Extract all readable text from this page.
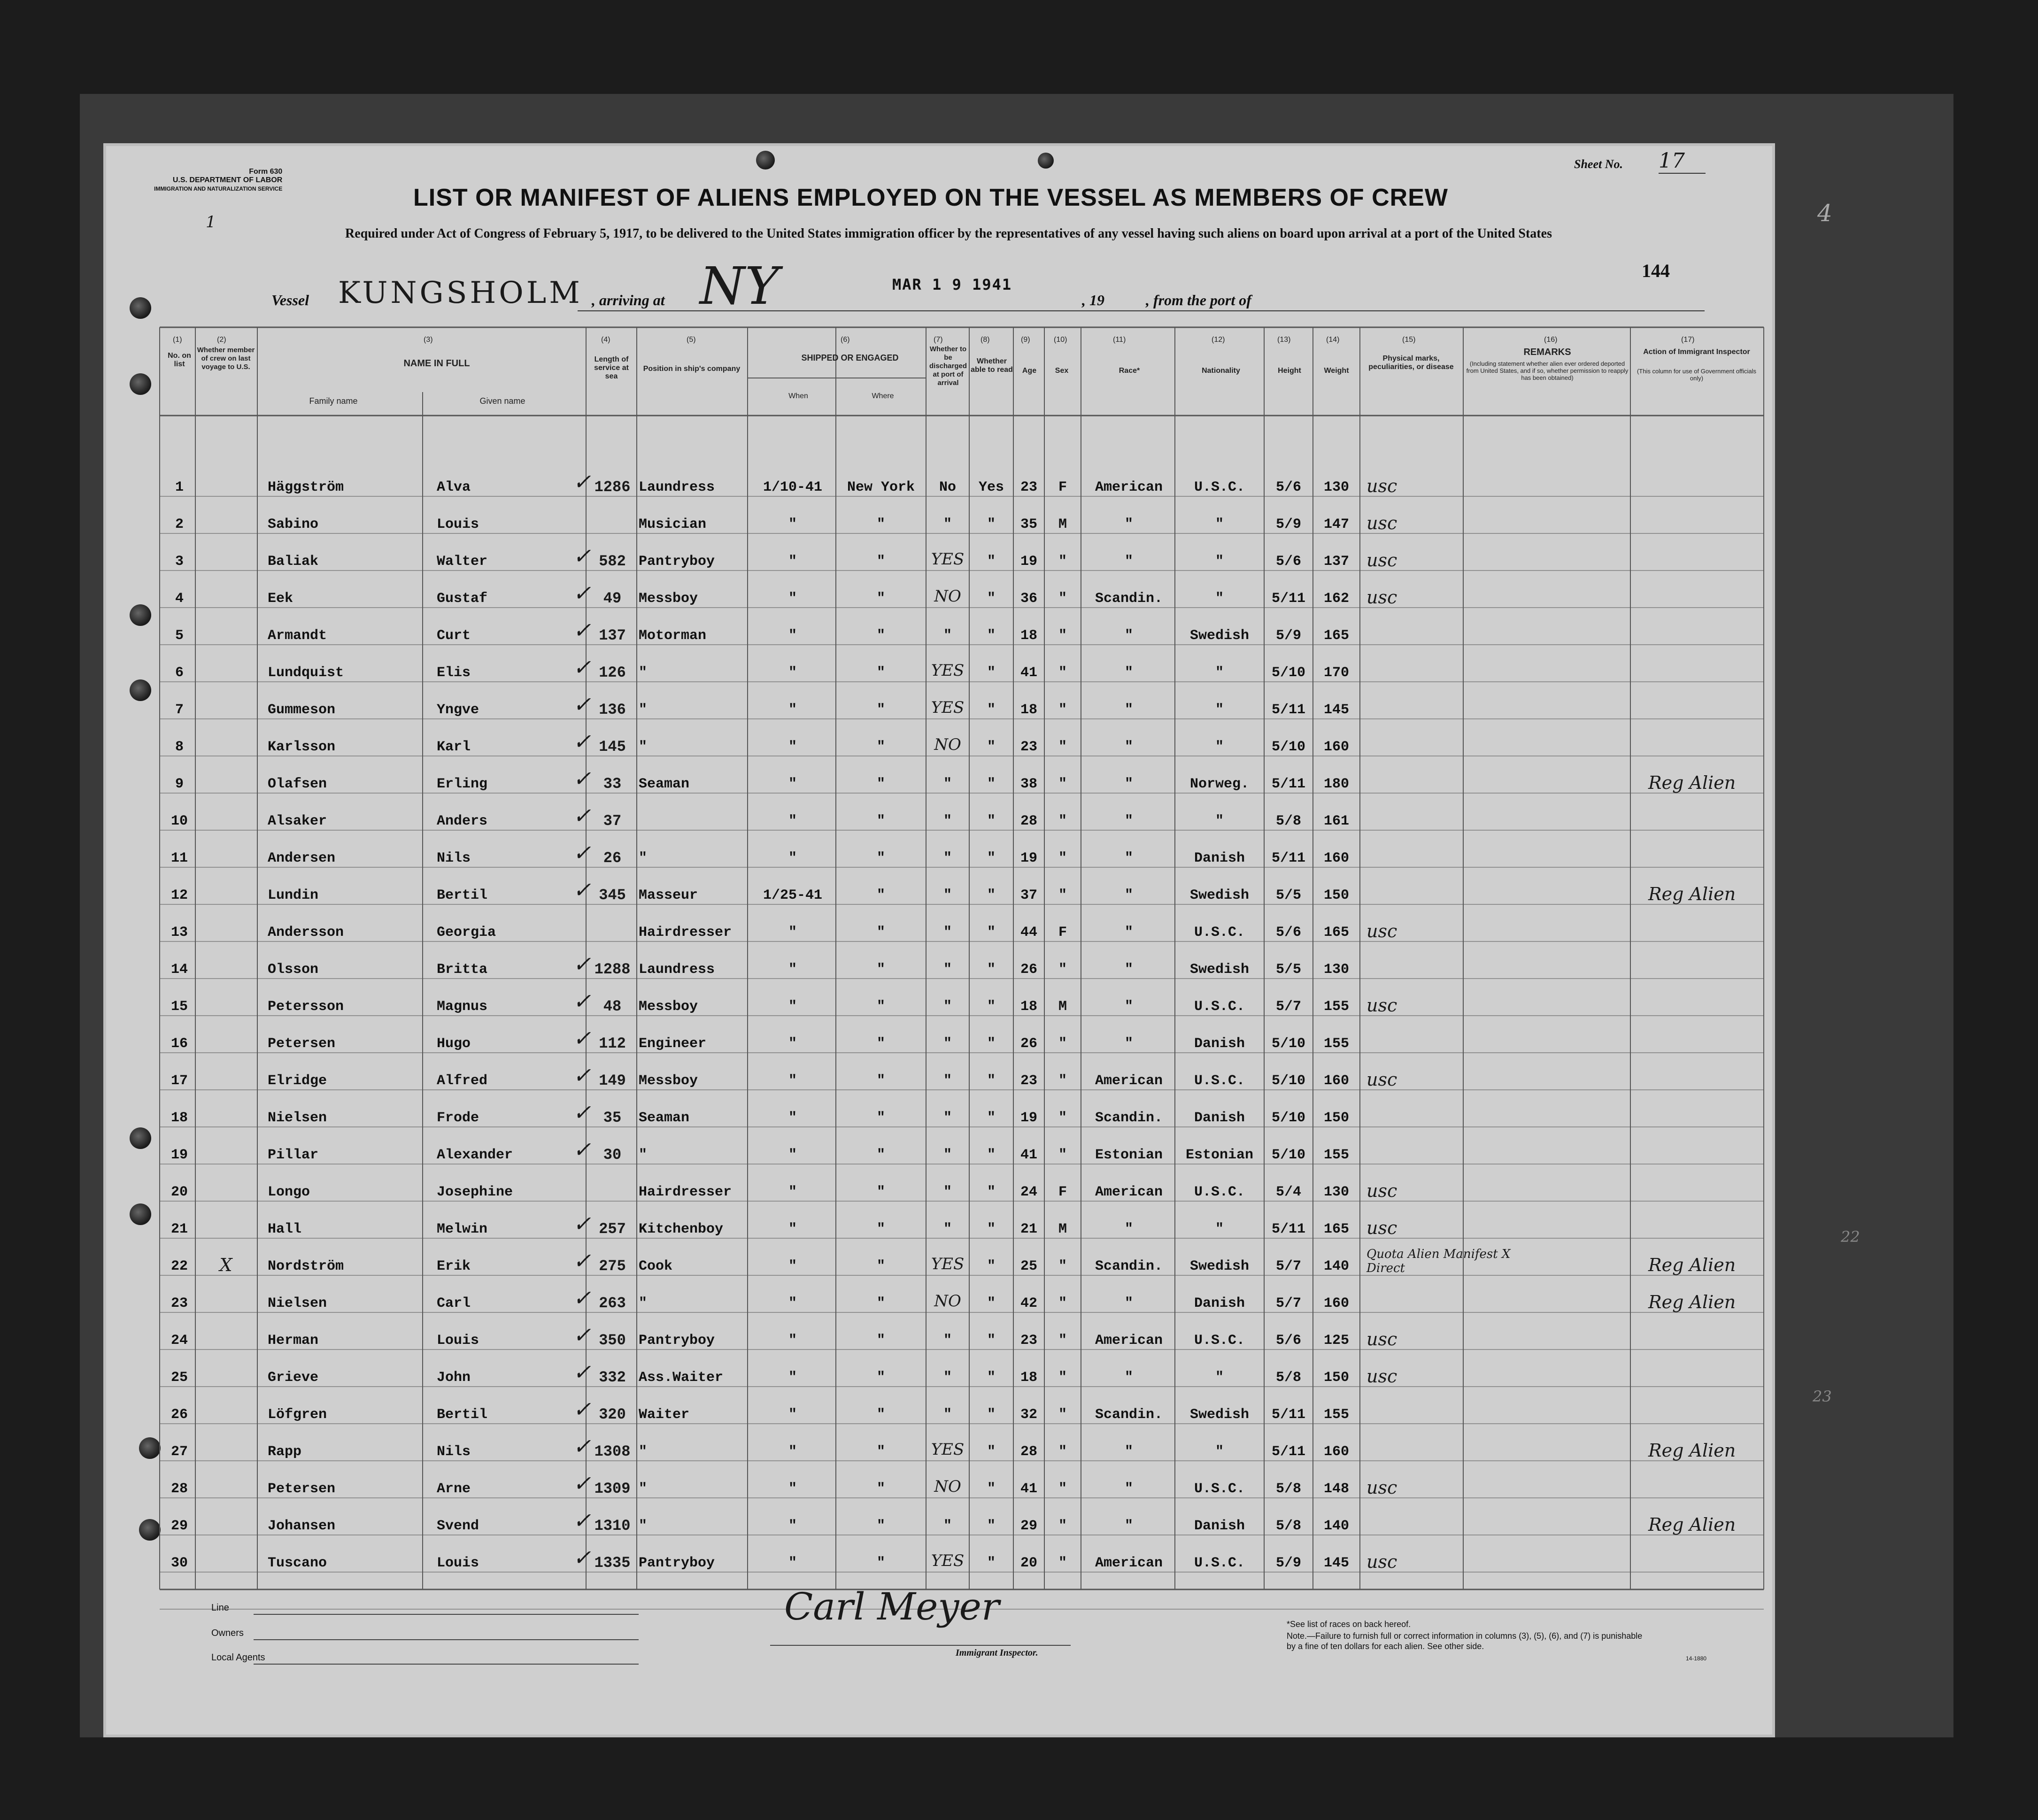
Form 630
U.S. DEPARTMENT OF LABOR
IMMIGRATION AND NATURALIZATION SERVICE
1
Sheet No. 17
LIST OR MANIFEST OF ALIENS EMPLOYED ON THE VESSEL AS MEMBERS OF CREW
Required under Act of Congress of February 5, 1917, to be delivered to the United States immigration officer by the representatives of any vessel having such aliens on board upon arrival at a port of the United States
144
Vessel KUNGSHOLM , arriving at NY	MAR 1 9 1941
, 19	, from the port of
4
(1)
No. on list
(2)
Whether member of crew on last voyage to U.S.
(3)
NAME IN FULL
Family name	Given name
(4)
Length of service at sea
(5)
Position in ship's company
(6)
SHIPPED OR ENGAGED
When	Where
(7)
Whether to be discharged at port of arrival
(8)
Whether able to read
(9)
Age
(10)
Sex
(11)
Race*
(12)
Nationality
(13)
Height
(14)
Weight
(15)
Physical marks, peculiarities, or disease
(16)
REMARKS
(Including statement whether alien ever ordered deported from United States, and if so, whether permission to reapply has been obtained)
(17)
Action of Immigrant Inspector
(This column for use of Government officials only)
1	Häggström	Alva	1286 Laundress	1/10-41	New York	No	Yes	23	F	American	U.S.C.	5/6	130 usc
✓
2	Sabino	Louis	Musician	"	"	"	"	35	M	"	"	5/9	147 usc
3	Baliak	Walter	582 Pantryboy	"	"	YES	"	19	"	"	"	5/6	137 usc
✓
4	Eek	Gustaf	49	Messboy	"	"	NO	"	36	"	Scandin.	"	5/11	162 usc
✓
5	Armandt	Curt	137 Motorman	"	"	"	"	18	"	"	Swedish	5/9	165
✓
6	Lundquist	Elis	126 "	"	"	YES	"	41	"	"	"	5/10	170
✓
7	Gummeson	Yngve	136 "	"	"	YES	"	18	"	"	"	5/11	145
✓
8	Karlsson	Karl	145 "	"	"	NO	"	23	"	"	"	5/10	160
✓
9	Olafsen	Erling	33	Seaman	"	"	"	"	38	"	"	Norweg.	5/11	180	Reg Alien
✓
10	Alsaker	Anders	37	"	"	"	"	28	"	"	"	5/8	161
✓
11	Andersen	Nils	26	"	"	"	"	"	19	"	"	Danish	5/11	160
✓
12	Lundin	Bertil	345 Masseur	1/25-41	"	"	"	37	"	"	Swedish	5/5	150	Reg Alien
✓
13	Andersson	Georgia	Hairdresser	"	"	"	"	44	F	"	U.S.C.	5/6	165 usc
14	Olsson	Britta	1288 Laundress	"	"	"	"	26	"	"	Swedish	5/5	130
✓
15	Petersson	Magnus	48	Messboy	"	"	"	"	18	M	"	U.S.C.	5/7	155 usc
✓
16	Petersen	Hugo	112 Engineer	"	"	"	"	26	"	"	Danish	5/10	155
✓
17	Elridge	Alfred	149 Messboy	"	"	"	"	23	"	American	U.S.C.	5/10	160 usc
✓
18	Nielsen	Frode	35	Seaman	"	"	"	"	19	"	Scandin.	Danish	5/10	150
✓
19	Pillar	Alexander	30	"	"	"	"	"	41	"	Estonian	Estonian	5/10	155
✓
20	Longo	Josephine	Hairdresser	"	"	"	"	24	F	American	U.S.C.	5/4	130 usc
21	Hall	Melwin	257 Kitchenboy	"	"	"	"	21	M	"	"	5/11	165 usc
✓
22	X	Nordström	Erik	275 Cook	"	"	YES	"	25	"	Scandin.	Swedish	5/7	140
Quota Alien Manifest X Direct	Reg Alien
✓
23	Nielsen	Carl	263 "	"	"	NO	"	42	"	"	Danish	5/7	160	Reg Alien
✓
24	Herman	Louis	350 Pantryboy	"	"	"	"	23	"	American	U.S.C.	5/6	125 usc
✓
25	Grieve	John	332 Ass.Waiter	"	"	"	"	18	"	"	"	5/8	150 usc
✓
26	Löfgren	Bertil	320 Waiter	"	"	"	"	32	"	Scandin.	Swedish	5/11	155
✓
27	Rapp	Nils	1308 "	"	"	YES	"	28	"	"	"	5/11	160	Reg Alien
✓
28	Petersen	Arne	1309 "	"	"	NO	"	41	"	"	U.S.C.	5/8	148 usc
✓
29	Johansen	Svend	1310 "	"	"	"	"	29	"	"	Danish	5/8	140	Reg Alien
✓
30	Tuscano	Louis	1335 Pantryboy	"	"	YES	"	20	"	American	U.S.C.	5/9	145 usc
✓
Line
Owners
Local Agents
Carl Meyer
Immigrant Inspector.
*See list of races on back hereof.
Note.—Failure to furnish full or correct information in columns (3), (5), (6), and (7) is punishable by a fine of ten dollars for each alien. See other side.
14-1880
22
23
